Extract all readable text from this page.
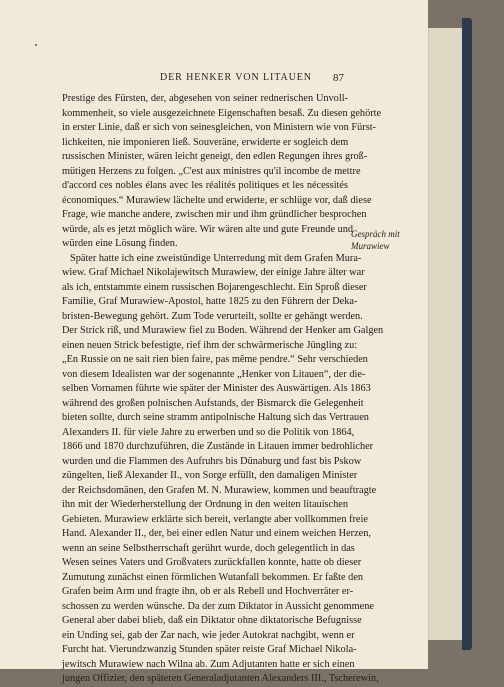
DER HENKER VON LITAUEN 87
Gespräch mit
Murawiew
Prestige des Fürsten, der, abgesehen von seiner rednerischen Unvoll-
kommenheit, so viele ausgezeichnete Eigenschaften besaß. Zu diesen gehörte
in erster Linie, daß er sich von seinesgleichen, von Ministern wie von Fürst-
lichkeiten, nie imponieren ließ. Souveräne, erwiderte er sogleich dem
russischen Minister, wären leicht geneigt, den edlen Regungen ihres groß-
mütigen Herzens zu folgen. „C'est aux ministres qu'il incombe de mettre
d'accord ces nobles élans avec les réalités politiques et les nécessités
économiques.“ Murawiew lächelte und erwiderte, er schlüge vor, daß diese
Frage, wie manche andere, zwischen mir und ihm gründlicher besprochen
würde, als es jetzt möglich wäre. Wir wären alte und gute Freunde und
würden eine Lösung finden.
Später hatte ich eine zweistündige Unterredung mit dem Grafen Mura-
wiew. Graf Michael Nikolajewitsch Murawiew, der einige Jahre älter war
als ich, entstammte einem russischen Bojarengeschlecht. Ein Sproß dieser
Familie, Graf Murawiew-Apostol, hatte 1825 zu den Führern der Deka-
bristen-Bewegung gehört. Zum Tode verurteilt, sollte er gehängt werden.
Der Strick riß, und Murawiew fiel zu Boden. Während der Henker am Galgen
einen neuen Strick befestigte, rief ihm der schwärmerische Jüngling zu:
„En Russie on ne sait rien bien faire, pas même pendre.“ Sehr verschieden
von diesem Idealisten war der sogenannte „Henker von Litauen“, der die-
selben Vornamen führte wie später der Minister des Auswärtigen. Als 1863
während des großen polnischen Aufstands, der Bismarck die Gelegenheit
bieten sollte, durch seine stramm antipolnische Haltung sich das Vertrauen
Alexanders II. für viele Jahre zu erwerben und so die Politik von 1864,
1866 und 1870 durchzuführen, die Zustände in Litauen immer bedrohlicher
wurden und die Flammen des Aufruhrs bis Dünaburg und fast bis Pskow
züngelten, ließ Alexander II., von Sorge erfüllt, den damaligen Minister
der Reichsdomänen, den Grafen M. N. Murawiew, kommen und beauftragte
ihn mit der Wiederherstellung der Ordnung in den weiten litauischen
Gebieten. Murawiew erklärte sich bereit, verlangte aber vollkommen freie
Hand. Alexander II., der, bei einer edlen Natur und einem weichen Herzen,
wenn an seine Selbstherrschaft gerührt wurde, doch gelegentlich in das
Wesen seines Vaters und Großvaters zurückfallen konnte, hatte ob dieser
Zumutung zunächst einen förmlichen Wutanfall bekommen. Er faßte den
Grafen beim Arm und fragte ihn, ob er als Rebell und Hochverräter er-
schossen zu werden wünsche. Da der zum Diktator in Aussicht genommene
General aber dabei blieb, daß ein Diktator ohne diktatorische Befugnisse
ein Unding sei, gab der Zar nach, wie jeder Autokrat nachgibt, wenn er
Furcht hat. Vierundzwanzig Stunden später reiste Graf Michael Nikola-
jewitsch Murawiew nach Wilna ab. Zum Adjutanten hatte er sich einen
jungen Offizier, den späteren Generaladjutanten Alexanders III., Tscherewin,
